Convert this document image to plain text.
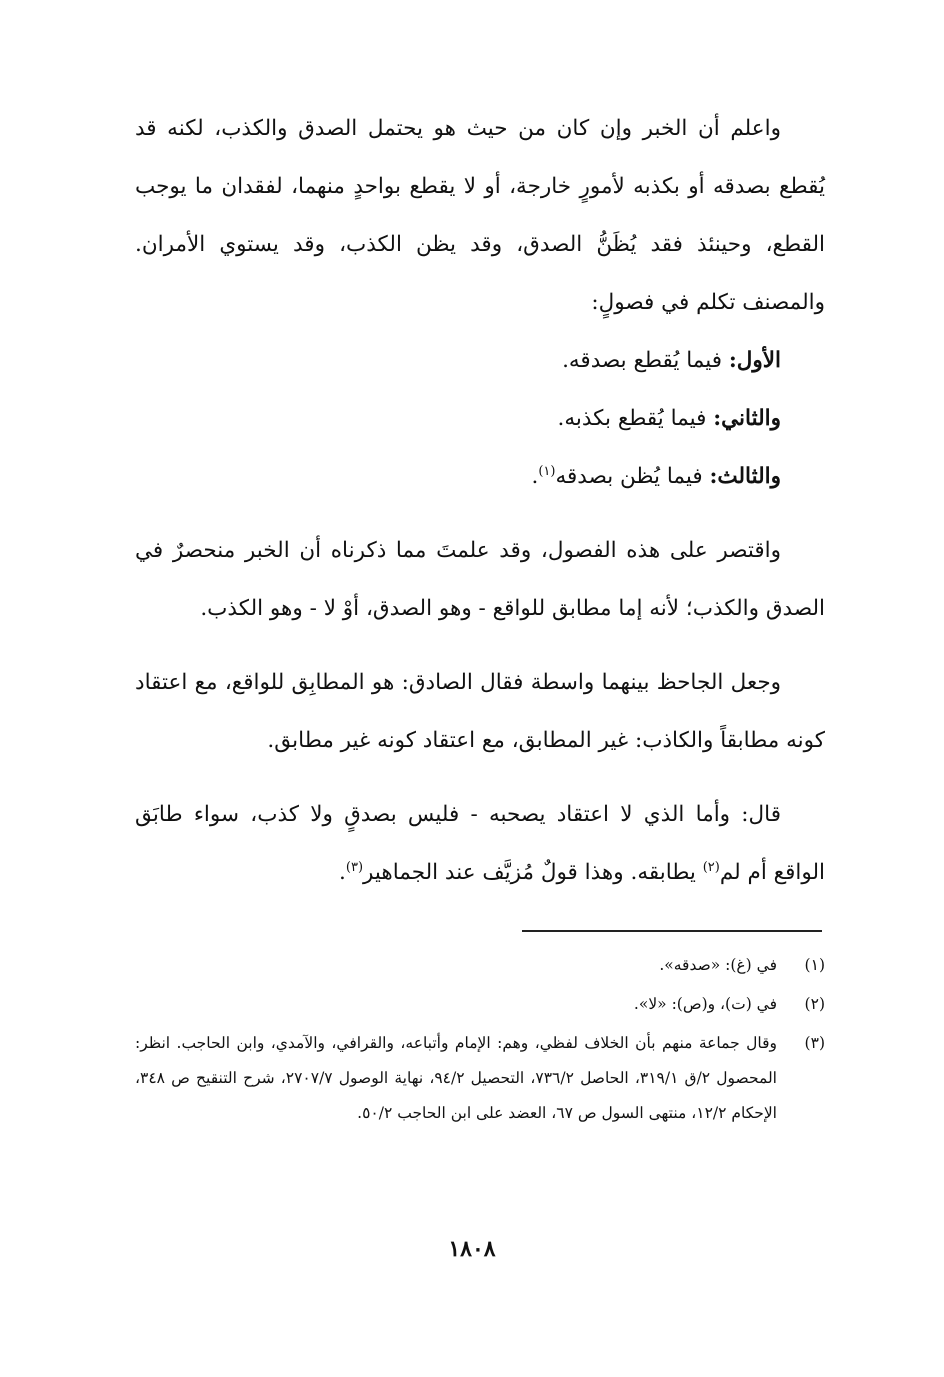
واعلم أن الخبر وإن كان من حيث هو يحتمل الصدق والكذب، لكنه قد يُقطع بصدقه أو بكذبه لأمورٍ خارجة، أو لا يقطع بواحدٍ منهما، لفقدان ما يوجب القطع، وحينئذ فقد يُظَنُّ الصدق، وقد يظن الكذب، وقد يستوي الأمران. والمصنف تكلم في فصولٍ:

الأول: فيما يُقطع بصدقه.

والثاني: فيما يُقطع بكذبه.

والثالث: فيما يُظن بصدقه$^{(١)}$.

واقتصر على هذه الفصول، وقد علمتَ مما ذكرناه أن الخبر منحصرٌ في الصدق والكذب؛ لأنه إما مطابق للواقع - وهو الصدق، أوْ لا - وهو الكذب.

وجعل الجاحظ بينهما واسطة فقال الصادق: هو المطابِق للواقع، مع اعتقاد كونه مطابقاً والكاذب: غير المطابق، مع اعتقاد كونه غير مطابق.

قال: وأما الذي لا اعتقاد يصحبه - فليس بصدقٍ ولا كذب، سواء طابَق الواقع أم لم$^{(٢)}$ يطابقه. وهذا قولٌ مُزيَّف عند الجماهير$^{(٣)}$.

(١)
في (غ): «صدقه».
(٢)
في (ت)، و(ص): «لا».
(٣)
وقال جماعة منهم بأن الخلاف لفظي، وهم: الإمام وأتباعه، والقرافي، والآمدي، وابن الحاجب. انظر: المحصول ٢/ق ٣١٩/١، الحاصل ٧٣٦/٢، التحصيل ٩٤/٢، نهاية الوصول ٢٧٠٧/٧، شرح التنقيح ص ٣٤٨، الإحكام ١٢/٢، منتهى السول ص ٦٧، العضد على ابن الحاجب ٥٠/٢.
١٨٠٨
